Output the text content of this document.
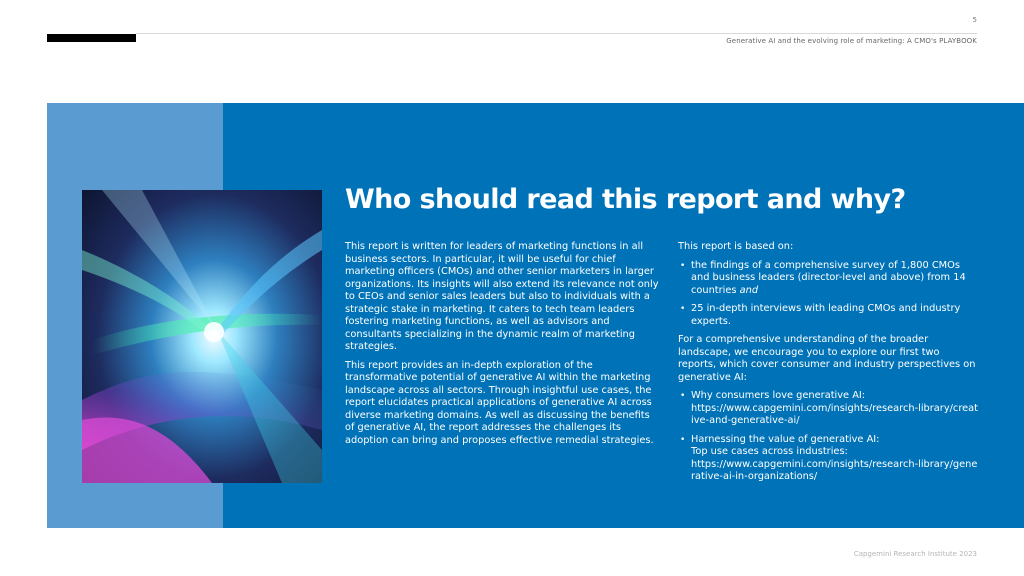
5
Generative AI and the evolving role of marketing: A CMO's PLAYBOOK
Who should read this report and why?

This report is written for leaders of marketing functions in all business sectors. In particular, it will be useful for chief marketing officers (CMOs) and other senior marketers in larger organizations. Its insights will also extend its relevance not only to CEOs and senior sales leaders but also to individuals with a strategic stake in marketing. It caters to tech team leaders fostering marketing functions, as well as advisors and consultants specializing in the dynamic realm of marketing strategies.

This report provides an in-depth exploration of the transformative potential of generative AI within the marketing landscape across all sectors. Through insightful use cases, the report elucidates practical applications of generative AI across diverse marketing domains. As well as discussing the benefits of generative AI, the report addresses the challenges its adoption can bring and proposes effective remedial strategies.

This report is based on:

• the findings of a comprehensive survey of 1,800 CMOs and business leaders (director-level and above) from 14 countries and
• 25 in-depth interviews with leading CMOs and industry experts.

For a comprehensive understanding of the broader landscape, we encourage you to explore our first two reports, which cover consumer and industry perspectives on generative AI:

• Why consumers love generative AI:
https://www.capgemini.com/insights/research-library/creative-and-generative-ai/
• Harnessing the value of generative AI:
Top use cases across industries:
https://www.capgemini.com/insights/research-library/generative-ai-in-organizations/
Capgemini Research Institute 2023
